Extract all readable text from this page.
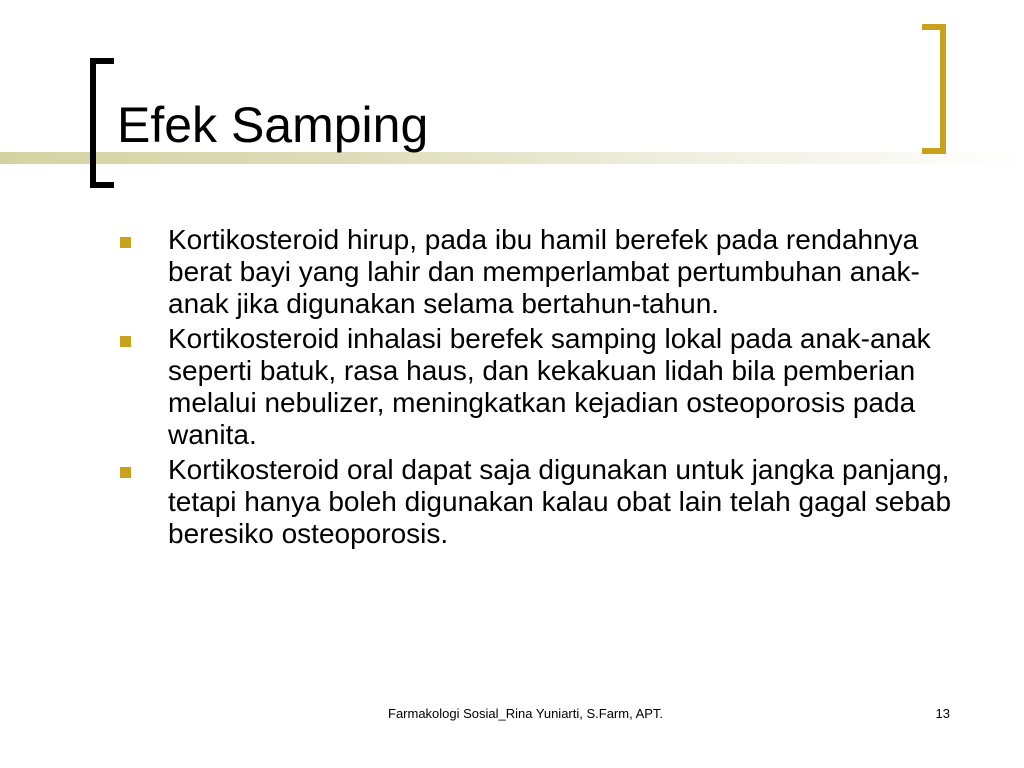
Efek Samping
Kortikosteroid hirup, pada ibu hamil berefek pada rendahnya berat bayi yang lahir dan memperlambat pertumbuhan anak-anak jika digunakan selama bertahun-tahun.
Kortikosteroid inhalasi berefek samping lokal pada anak-anak seperti batuk, rasa haus, dan kekakuan lidah bila pemberian melalui nebulizer, meningkatkan kejadian osteoporosis pada wanita.
Kortikosteroid oral dapat saja digunakan untuk jangka panjang, tetapi hanya boleh digunakan kalau obat lain telah gagal sebab beresiko osteoporosis.
Farmakologi Sosial_Rina Yuniarti, S.Farm, APT.	13
